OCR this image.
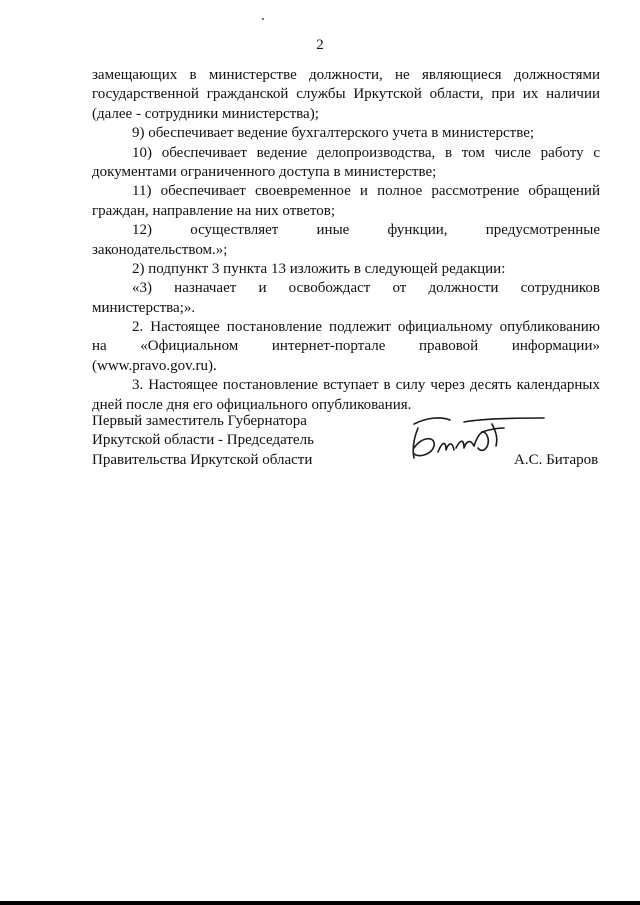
2
замещающих в министерстве должности, не являющиеся должностями
государственной гражданской службы Иркутской области, при их наличии
(далее - сотрудники министерства);
9) обеспечивает ведение бухгалтерского учета в министерстве;
10) обеспечивает ведение делопроизводства, в том числе работу с
документами ограниченного доступа в министерстве;
11) обеспечивает своевременное и полное рассмотрение обращений
граждан, направление на них ответов;
12) осуществляет иные функции, предусмотренные
законодательством.»;
2) подпункт 3 пункта 13 изложить в следующей редакции:
«3) назначает и освобождаст от должности сотрудников
министерства;».
2. Настоящее постановление подлежит официальному опубликованию
на «Официальном интернет-портале правовой информации»
(www.pravo.gov.ru).
3. Настоящее постановление вступает в силу через десять календарных
дней после дня его официального опубликования.
Первый заместитель Губернатора
Иркутской области - Председатель
Правительства Иркутской области	А.С. Битаров
